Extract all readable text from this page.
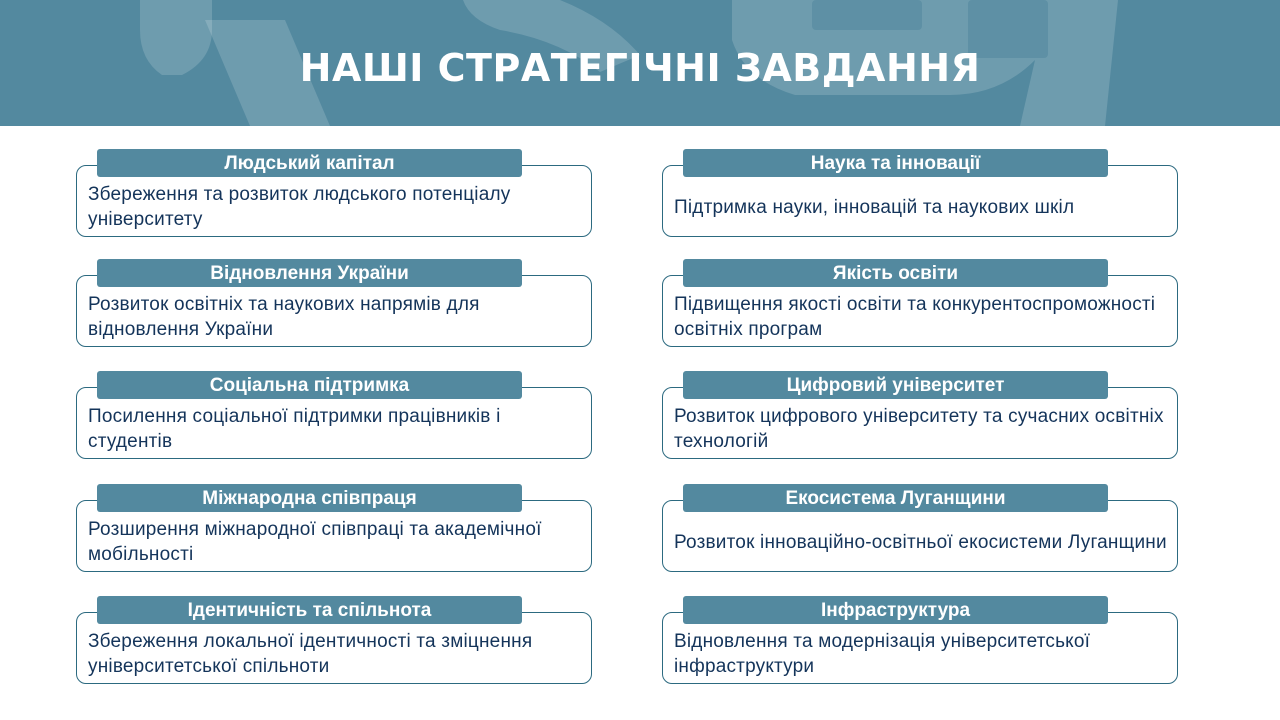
НАШІ СТРАТЕГІЧНІ ЗАВДАННЯ
Людський капітал
Збереження та розвиток людського потенціалу університету
Відновлення України
Розвиток освітніх та наукових напрямів для відновлення України
Соціальна підтримка
Посилення соціальної підтримки працівників і студентів
Міжнародна співпраця
Розширення міжнародної співпраці та академічної мобільності
Ідентичність та спільнота
Збереження локальної ідентичності та зміцнення університетської спільноти
Наука та інновації
Підтримка науки, інновацій та наукових шкіл
Якість освіти
Підвищення якості освіти та конкурентоспроможності освітніх програм
Цифровий університет
Розвиток цифрового університету та сучасних освітніх технологій
Екосистема Луганщини
Розвиток інноваційно-освітньої екосистеми Луганщини
Інфраструктура
Відновлення та модернізація університетської інфраструктури
